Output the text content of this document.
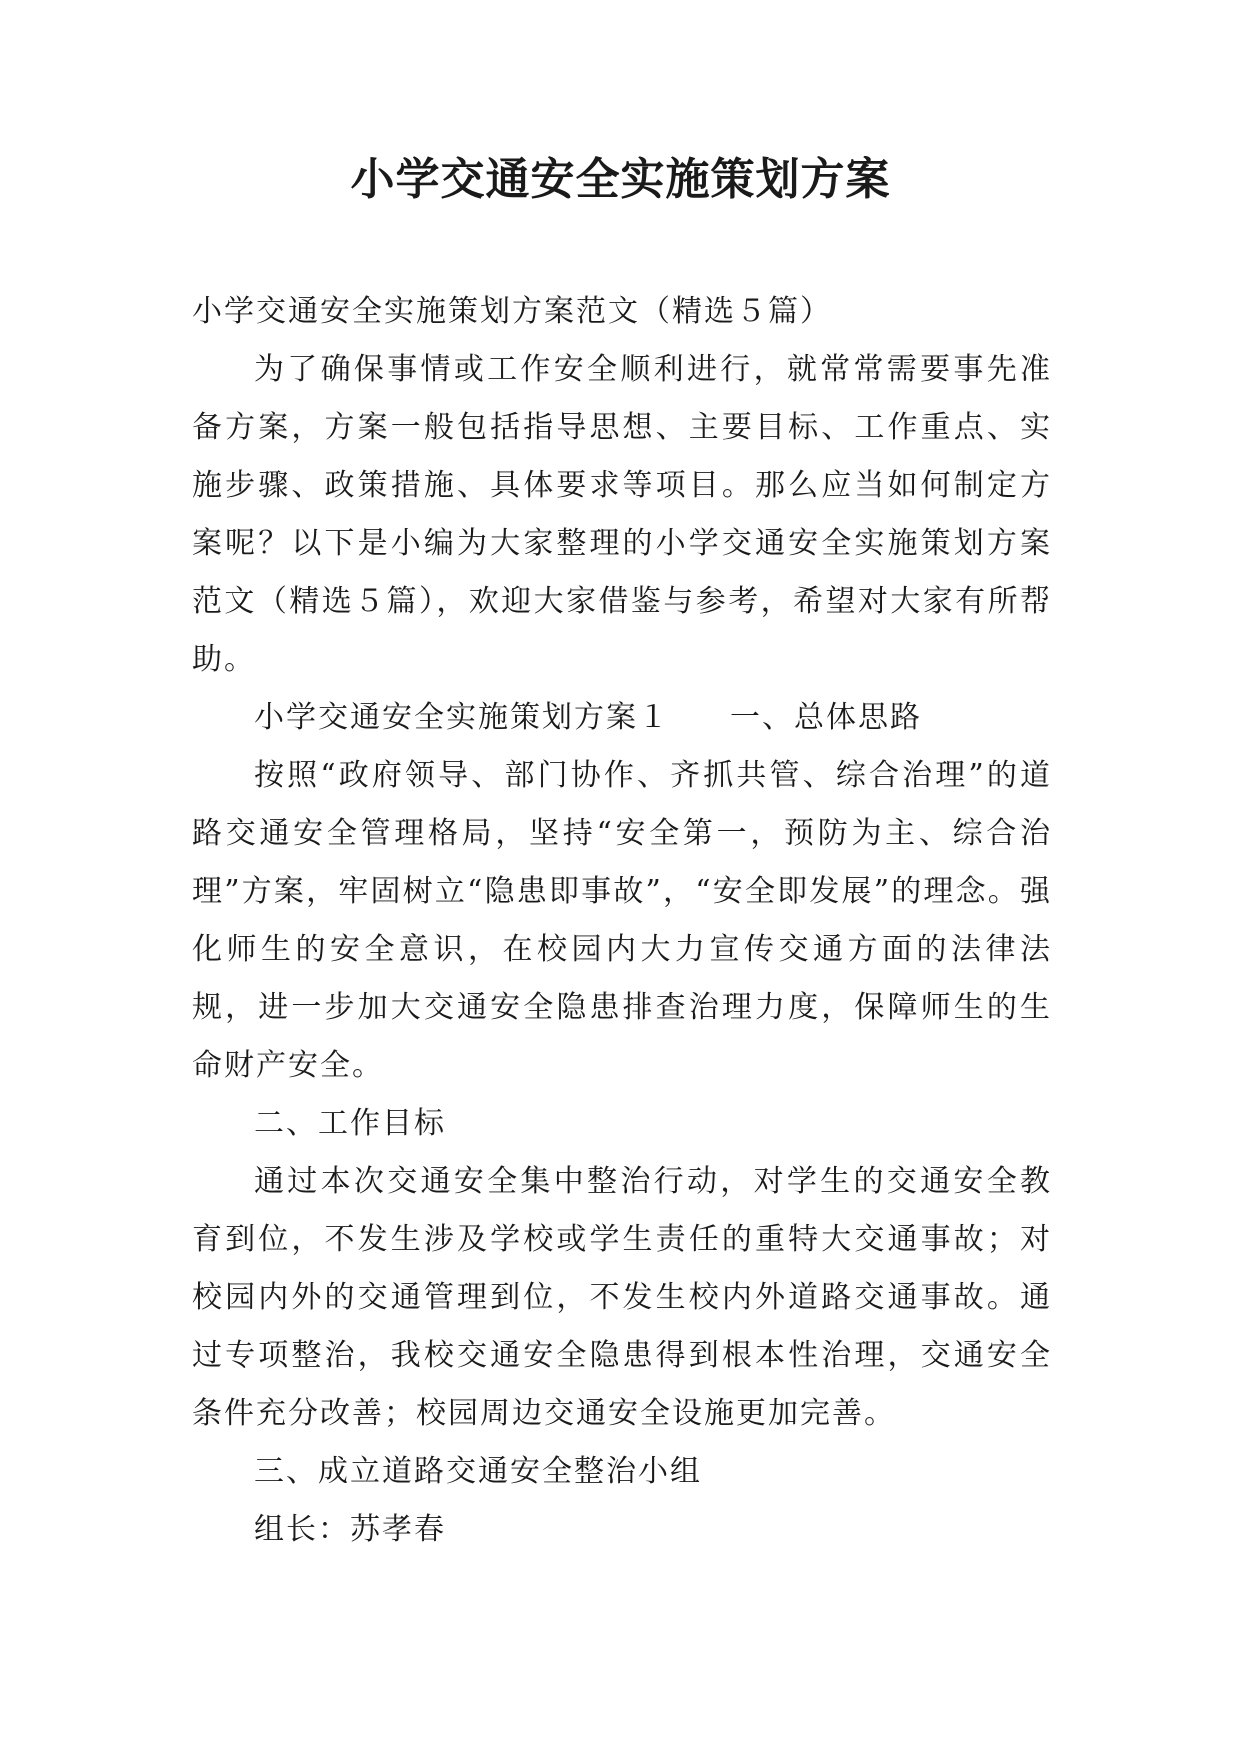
小学交通安全实施策划方案

小学交通安全实施策划方案范文（精选５篇）

为了确保事情或工作安全顺利进行，就常常需要事先准备方案，方案一般包括指导思想、主要目标、工作重点、实施步骤、政策措施、具体要求等项目。那么应当如何制定方案呢？以下是小编为大家整理的小学交通安全实施策划方案范文（精选５篇），欢迎大家借鉴与参考，希望对大家有所帮助。

小学交通安全实施策划方案１ 一、总体思路

按照“政府领导、部门协作、齐抓共管、综合治理”的道路交通安全管理格局，坚持“安全第一，预防为主、综合治理”方案，牢固树立“隐患即事故”，“安全即发展”的理念。强化师生的安全意识，在校园内大力宣传交通方面的法律法规，进一步加大交通安全隐患排查治理力度，保障师生的生命财产安全。

二、工作目标

通过本次交通安全集中整治行动，对学生的交通安全教育到位，不发生涉及学校或学生责任的重特大交通事故；对校园内外的交通管理到位，不发生校内外道路交通事故。通过专项整治，我校交通安全隐患得到根本性治理，交通安全条件充分改善；校园周边交通安全设施更加完善。

三、成立道路交通安全整治小组

组长：苏孝春
